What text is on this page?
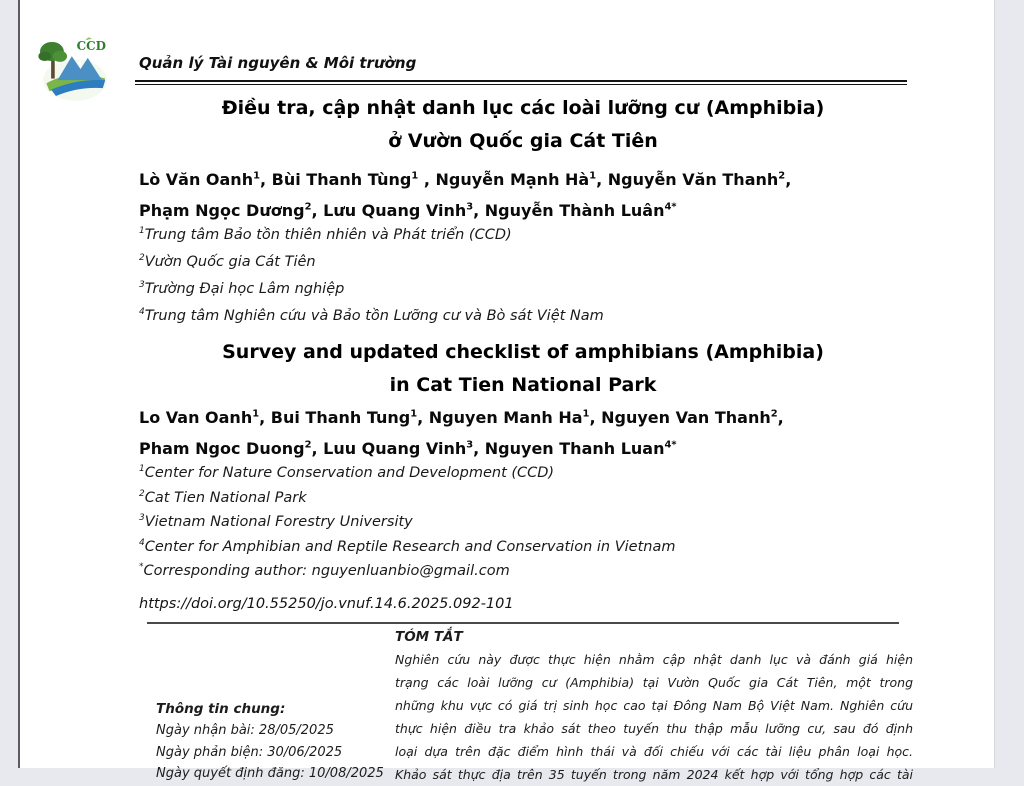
CCD
Quản lý Tài nguyên & Môi trường
Điều tra, cập nhật danh lục các loài lưỡng cư (Amphibia)
ở Vườn Quốc gia Cát Tiên
Lò Văn Oanh$^1$, Bùi Thanh Tùng$^1$ , Nguyễn Mạnh $Hà^1$, Nguyễn Văn Thanh$^2$,
Phạm Ngọc Dương$^2$, Lưu Quang Vinh$^3$, Nguyễn Thành Luân$^{4*}$
$^1$Trung tâm Bảo tồn thiên nhiên và Phát triển (CCD)
$^2$Vườn Quốc gia Cát Tiên
$^3$Trường Đại học Lâm nghiệp
$^4$Trung tâm Nghiên cứu và Bảo tồn Lưỡng cư và Bò sát Việt Nam
Survey and updated checklist of amphibians (Amphibia)
in Cat Tien National Park
Lo Van Oanh$^1$, Bui Thanh Tung$^1$, Nguyen Manh Ha$^1$, Nguyen Van Thanh$^2$,
Pham Ngoc Duong$^2$, Luu Quang Vinh$^3$, Nguyen Thanh Luan$^{4*}$
$^1$Center for Nature Conservation and Development (CCD)
$^2$Cat Tien National Park
$^3$Vietnam National Forestry University
$^4$Center for Amphibian and Reptile Research and Conservation in Vietnam
*Corresponding author: nguyenluanbio@gmail.com
https://doi.org/10.55250/jo.vnuf.14.6.2025.092-101
Thông tin chung:
Ngày nhận bài: 28/05/2025
Ngày phản biện: 30/06/2025
Ngày quyết định đăng: 10/08/2025
TÓM TẮT
Nghiên cứu này được thực hiện nhằm cập nhật danh lục và đánh giá hiện
trạng các loài lưỡng cư (Amphibia) tại Vườn Quốc gia Cát Tiên, một trong
những khu vực có giá trị sinh học cao tại Đông Nam Bộ Việt Nam. Nghiên cứu
thực hiện điều tra khảo sát theo tuyến thu thập mẫu lưỡng cư, sau đó định
loại dựa trên đặc điểm hình thái và đối chiếu với các tài liệu phân loại học.
Khảo sát thực địa trên 35 tuyến trong năm 2024 kết hợp với tổng hợp các tài
